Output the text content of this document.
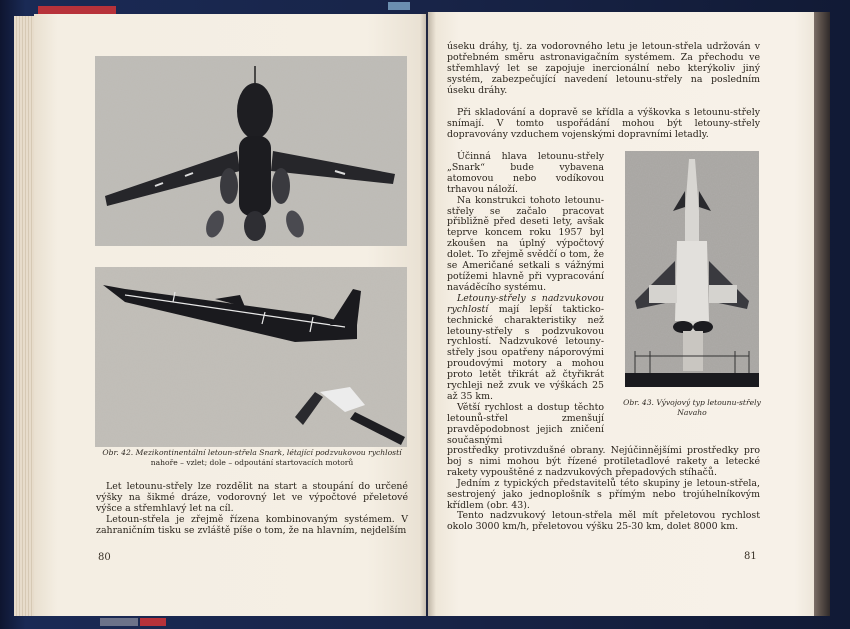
Obr. 42. Mezikontinentální letoun-střela Snark, létající podzvukovou rychlostí
nahoře – vzlet; dole – odpoutání startovacích motorů

Let letounu-střely lze rozdělit na start a stoupání do určené výšky na šikmé dráze, vodorovný let ve výpočtové přeletové výšce a střemhlavý let na cíl.

Letoun-střela je zřejmě řízena kombinovaným systémem. V zahraničním tisku se zvláště píše o tom, že na hlavním, nejdelším

80

úseku dráhy, tj. za vodorovného letu je letoun-střela udržován v potřebném směru astronavigačním systémem. Za přechodu ve střemhlavý let se zapojuje inercionální nebo kterýkoliv jiný systém, zabezpečující navedení letounu-střely na posledním úseku dráhy.

Při skladování a dopravě se křídla a výškovka s letounu-střely snímají. V tomto uspořádání mohou být letouny-střely dopravovány vzduchem vojenskými dopravními letadly.

Účinná hlava letounu-střely „Snark“ bude vybavena atomovou nebo vodíkovou trhavou náloží.

Na konstrukci tohoto letounu-střely se začalo pracovat přibližně před deseti lety, avšak teprve koncem roku 1957 byl zkoušen na úplný výpočtový dolet. To zřejmě svědčí o tom, že se Američané setkali s vážnými potížemi hlavně při vypracování naváděcího systému.

Letouny-střely s nadzvukovou rychlostí mají lepší takticko-technické charakteristiky než letouny-střely s podzvukovou rychlostí. Nadzvukové letouny-střely jsou opatřeny náporovými proudovými motory a mohou proto letět třikrát až čtyřikrát rychleji než zvuk ve výškách 25 až 35 km.

Větší rychlost a dostup těchto letounů-střel zmenšují pravděpodobnost jejich zničení současnými

prostředky protivzdušné obrany. Nejúčinnějšími prostředky pro boj s nimi mohou být řízené protiletadlové rakety a letecké rakety vypouštěné z nadzvukových přepadových stíhačů.

Jedním z typických představitelů této skupiny je letoun-střela, sestrojený jako jednoplošník s přímým nebo trojúhelníkovým křídlem (obr. 43).

Tento nadzvukový letoun-střela měl mít přeletovou rychlost okolo 3000 km/h, přeletovou výšku 25-30 km, dolet 8000 km.

Obr. 43. Vývojový typ letounu-střely
Navaho
81
